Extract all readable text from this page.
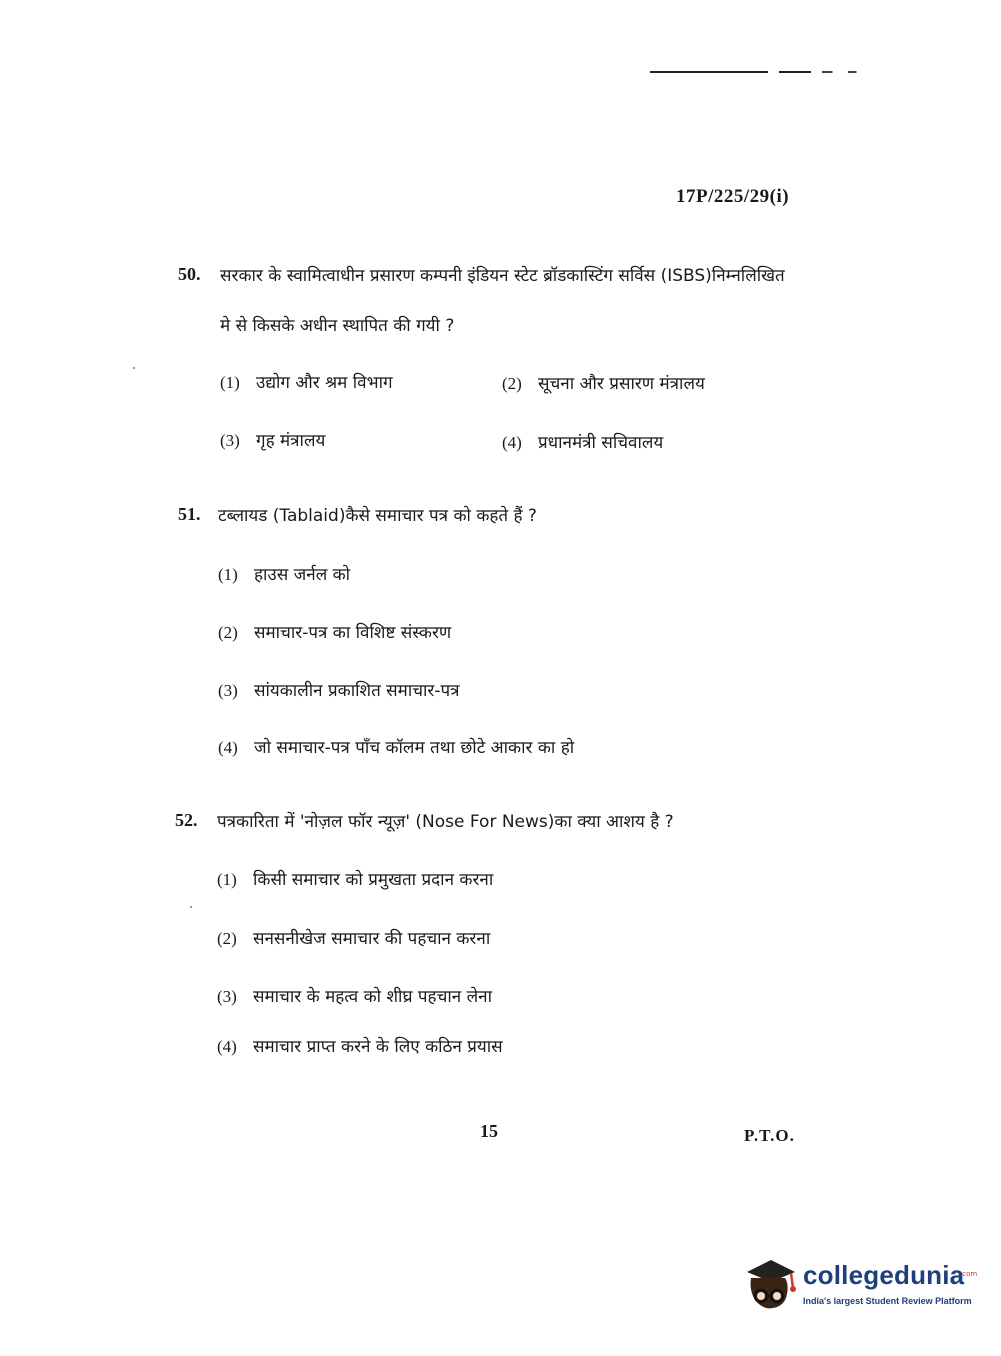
17P/225/29(i)
50. सरकार के स्वामित्वाधीन प्रसारण कम्पनी इंडियन स्टेट ब्रॉडकास्टिंग सर्विस (ISBS)निम्नलिखित
मे से किसके अधीन स्थापित की गयी ?
(1) उद्योग और श्रम विभाग	(2) सूचना और प्रसारण मंत्रालय
(3) गृह मंत्रालय	(4) प्रधानमंत्री सचिवालय
51. टब्लायड (Tablaid)कैसे समाचार पत्र को कहते हैं ?
(1) हाउस जर्नल को
(2) समाचार-पत्र का विशिष्ट संस्करण
(3) सांयकालीन प्रकाशित समाचार-पत्र
(4) जो समाचार-पत्र पाँच कॉलम तथा छोटे आकार का हो
52. पत्रकारिता में 'नोज़ल फॉर न्यूज़' (Nose For News)का क्या आशय है ?
(1) किसी समाचार को प्रमुखता प्रदान करना
(2) सनसनीखेज समाचार की पहचान करना
(3) समाचार के महत्व को शीघ्र पहचान लेना
(4) समाचार प्राप्त करने के लिए कठिन प्रयास
15	P.T.O.
collegedunia
.com
India's largest Student Review Platform
